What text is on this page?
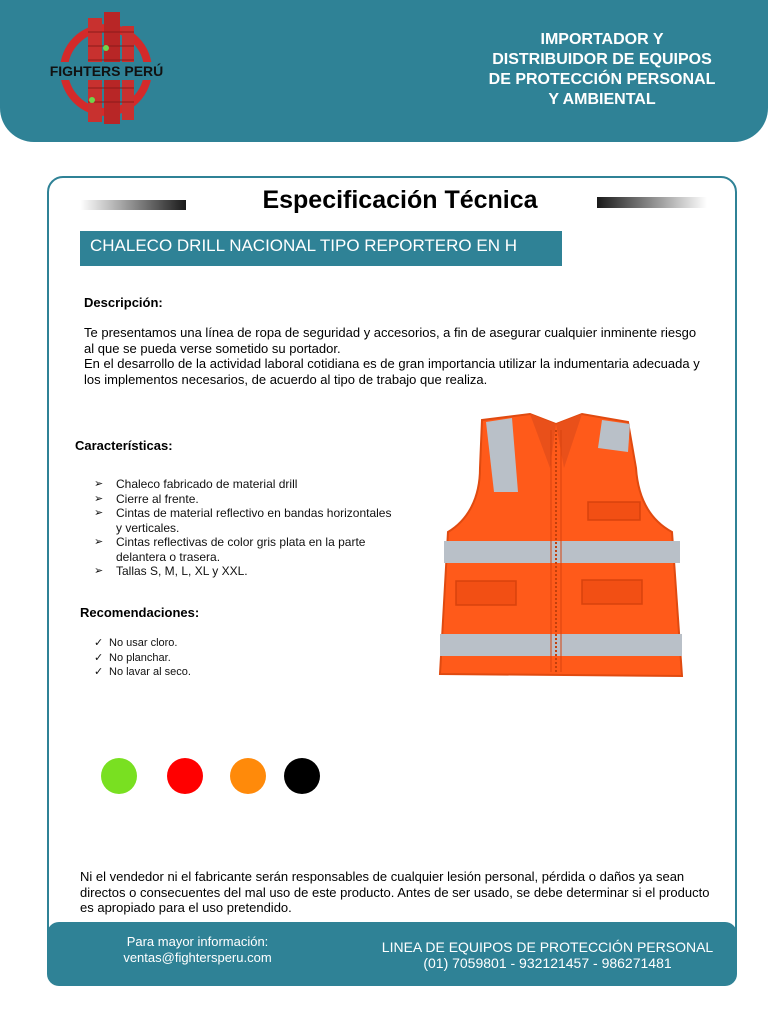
FIGHTERS PERÚ
IMPORTADOR Y
DISTRIBUIDOR DE EQUIPOS
DE PROTECCIÓN PERSONAL
Y AMBIENTAL
Especificación Técnica
CHALECO DRILL NACIONAL TIPO REPORTERO EN H
Descripción:
Te presentamos una línea de ropa de seguridad y accesorios, a fin de asegurar cualquier inminente riesgo al que se pueda verse sometido su portador.
En el desarrollo de la actividad laboral cotidiana es de gran importancia utilizar la indumentaria adecuada y los implementos necesarios, de acuerdo al tipo de trabajo que realiza.
Características:
➢ Chaleco fabricado de material drill
➢ Cierre al frente.
➢ Cintas de material reflectivo en bandas horizontales y verticales.
➢ Cintas reflectivas de color gris plata en la parte delantera o trasera.
➢ Tallas S, M, L, XL y XXL.
Recomendaciones:
✓ No usar cloro.
✓ No planchar.
✓ No lavar al seco.
Ni el vendedor ni el fabricante serán responsables de cualquier lesión personal, pérdida o daños ya sean directos o consecuentes del mal uso de este producto. Antes de ser usado, se debe determinar si el producto es apropiado para el uso pretendido.
Para mayor información:
ventas@fightersperu.com
LINEA DE EQUIPOS DE PROTECCIÓN PERSONAL
(01) 7059801 - 932121457 - 986271481
